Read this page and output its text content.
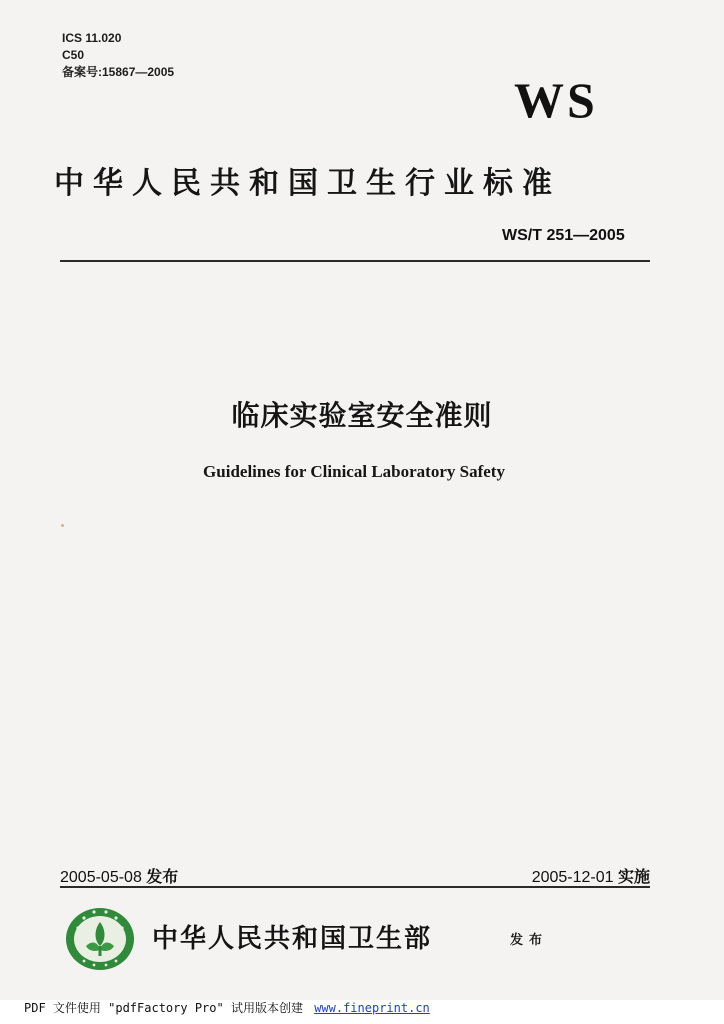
ICS 11.020
C50
备案号:15867—2005	WS
中华人民共和国卫生行业标准
WS/T 251—2005
临床实验室安全准则
Guidelines for Clinical Laboratory Safety
2005-05-08 发布	2005-12-01 实施
中华人民共和国卫生部	发布
PDF 文件使用 "pdfFactory Pro" 试用版本创建 www.fineprint.cn
